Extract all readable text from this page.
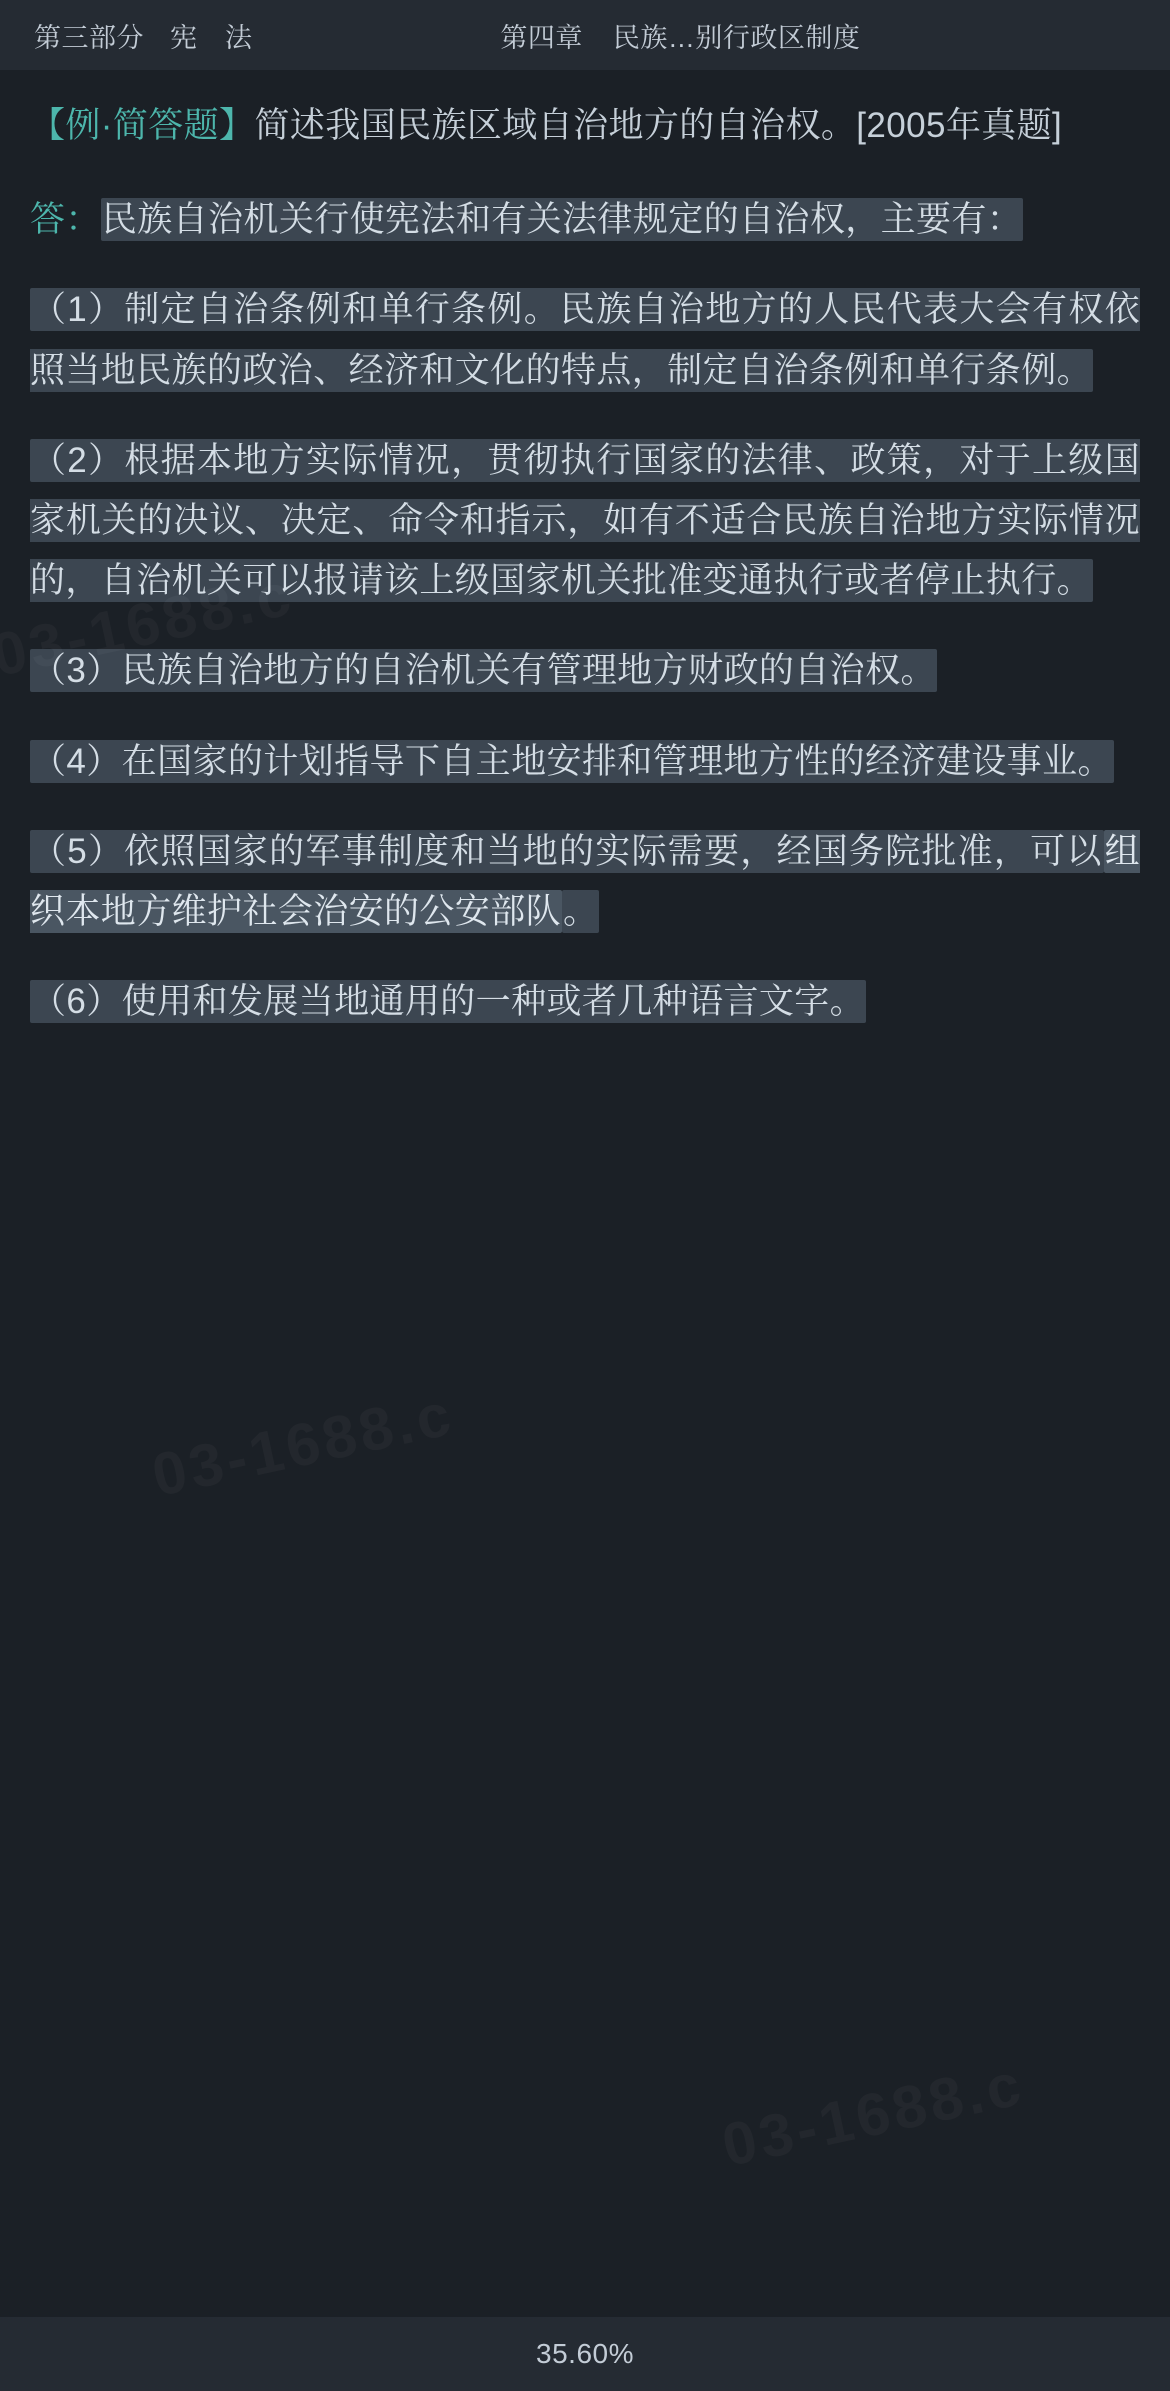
第三部分 宪　法	第四章 民族…别行政区制度

【例·简答题】简述我国民族区域自治地方的自治权。[2005年真题]

答：民族自治机关行使宪法和有关法律规定的自治权，主要有：

（1）制定自治条例和单行条例。民族自治地方的人民代表大会有权依照当地民族的政治、经济和文化的特点，制定自治条例和单行条例。

（2）根据本地方实际情况，贯彻执行国家的法律、政策，对于上级国家机关的决议、决定、命令和指示，如有不适合民族自治地方实际情况的，自治机关可以报请该上级国家机关批准变通执行或者停止执行。

（3）民族自治地方的自治机关有管理地方财政的自治权。

（4）在国家的计划指导下自主地安排和管理地方性的经济建设事业。

（5）依照国家的军事制度和当地的实际需要，经国务院批准，可以组织本地方维护社会治安的公安部队。

（6）使用和发展当地通用的一种或者几种语言文字。

35.60%
